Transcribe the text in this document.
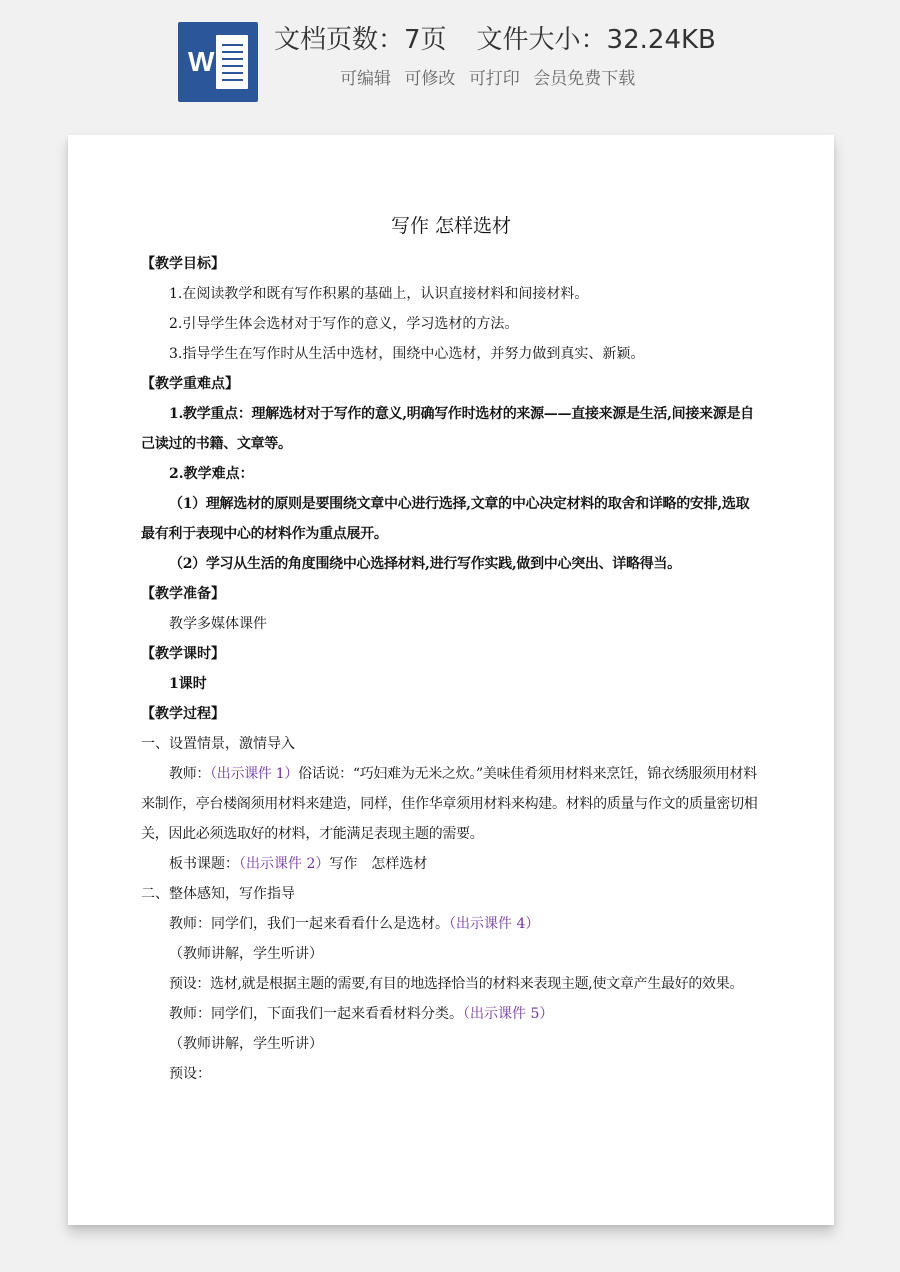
W
文档页数：7页 文件大小：32.24KB
可编辑 可修改 可打印 会员免费下载
写作 怎样选材

【教学目标】

1.在阅读教学和既有写作积累的基础上，认识直接材料和间接材料。

2.引导学生体会选材对于写作的意义，学习选材的方法。

3.指导学生在写作时从生活中选材，围绕中心选材，并努力做到真实、新颖。

【教学重难点】

1.教学重点：理解选材对于写作的意义,明确写作时选材的来源——直接来源是生活,间接来源是自己读过的书籍、文章等。

2.教学难点：

（1）理解选材的原则是要围绕文章中心进行选择,文章的中心决定材料的取舍和详略的安排,选取最有利于表现中心的材料作为重点展开。

（2）学习从生活的角度围绕中心选择材料,进行写作实践,做到中心突出、详略得当。

【教学准备】

教学多媒体课件

【教学课时】

1课时

【教学过程】

一、设置情景，激情导入

教师：（出示课件 1）俗话说：“巧妇难为无米之炊。”美味佳肴须用材料来烹饪，锦衣绣服须用材料来制作，亭台楼阁须用材料来建造，同样，佳作华章须用材料来构建。材料的质量与作文的质量密切相关，因此必须选取好的材料，才能满足表现主题的需要。

板书课题：（出示课件 2）写作　怎样选材

二、整体感知，写作指导

教师：同学们，我们一起来看看什么是选材。（出示课件 4）

（教师讲解，学生听讲）

预设：选材,就是根据主题的需要,有目的地选择恰当的材料来表现主题,使文章产生最好的效果。

教师：同学们，下面我们一起来看看材料分类。（出示课件 5）

（教师讲解，学生听讲）

预设：
